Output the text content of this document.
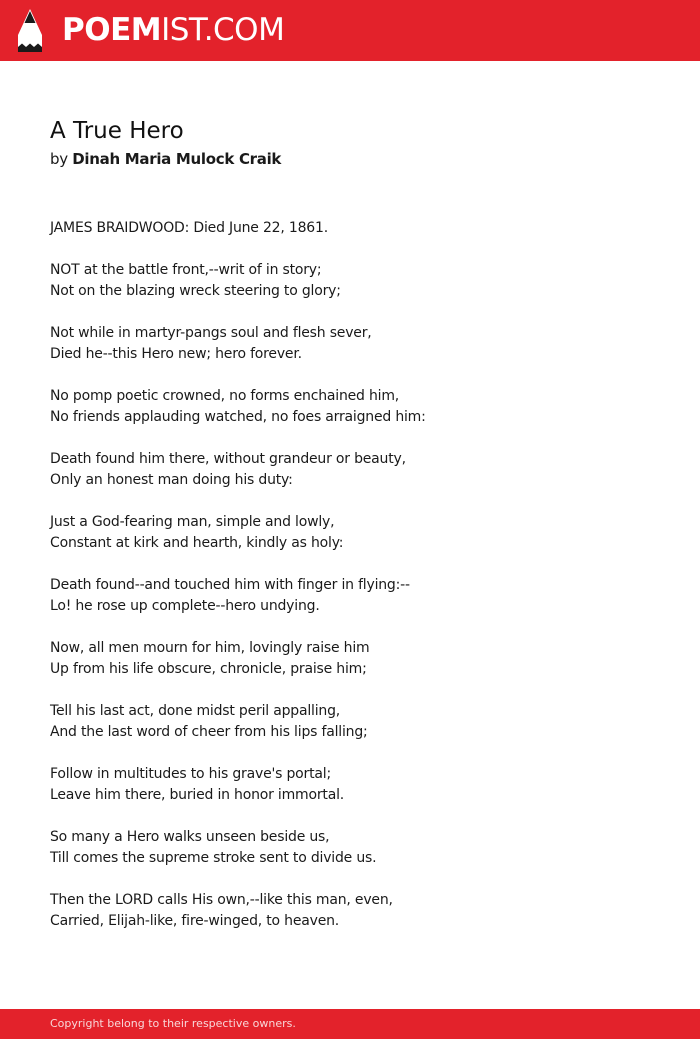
POEMIST.COM
A True Hero
by Dinah Maria Mulock Craik
JAMES BRAIDWOOD: Died June 22, 1861.
NOT at the battle front,--writ of in story;
Not on the blazing wreck steering to glory;
Not while in martyr-pangs soul and flesh sever,
Died he--this Hero new; hero forever.
No pomp poetic crowned, no forms enchained him,
No friends applauding watched, no foes arraigned him:
Death found him there, without grandeur or beauty,
Only an honest man doing his duty:
Just a God-fearing man, simple and lowly,
Constant at kirk and hearth, kindly as holy:
Death found--and touched him with finger in flying:--
Lo! he rose up complete--hero undying.
Now, all men mourn for him, lovingly raise him
Up from his life obscure, chronicle, praise him;
Tell his last act, done midst peril appalling,
And the last word of cheer from his lips falling;
Follow in multitudes to his grave's portal;
Leave him there, buried in honor immortal.
So many a Hero walks unseen beside us,
Till comes the supreme stroke sent to divide us.
Then the LORD calls His own,--like this man, even,
Carried, Elijah-like, fire-winged, to heaven.
Copyright belong to their respective owners.
